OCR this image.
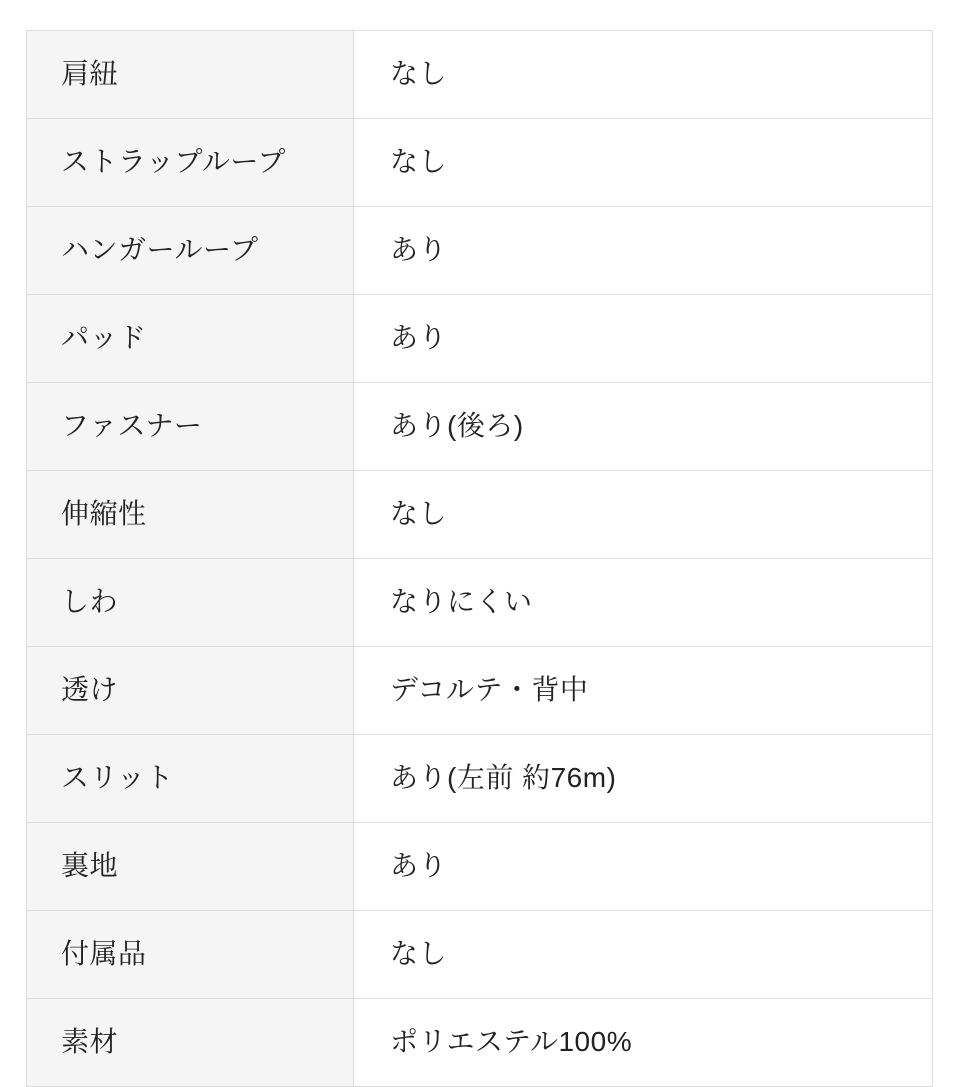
肩紐	なし
ストラップループ	なし
ハンガーループ	あり
パッド	あり
ファスナー	あり(後ろ)
伸縮性	なし
しわ	なりにくい
透け	デコルテ・背中
スリット	あり(左前 約76m)
裏地	あり
付属品	なし
素材	ポリエステル100%
